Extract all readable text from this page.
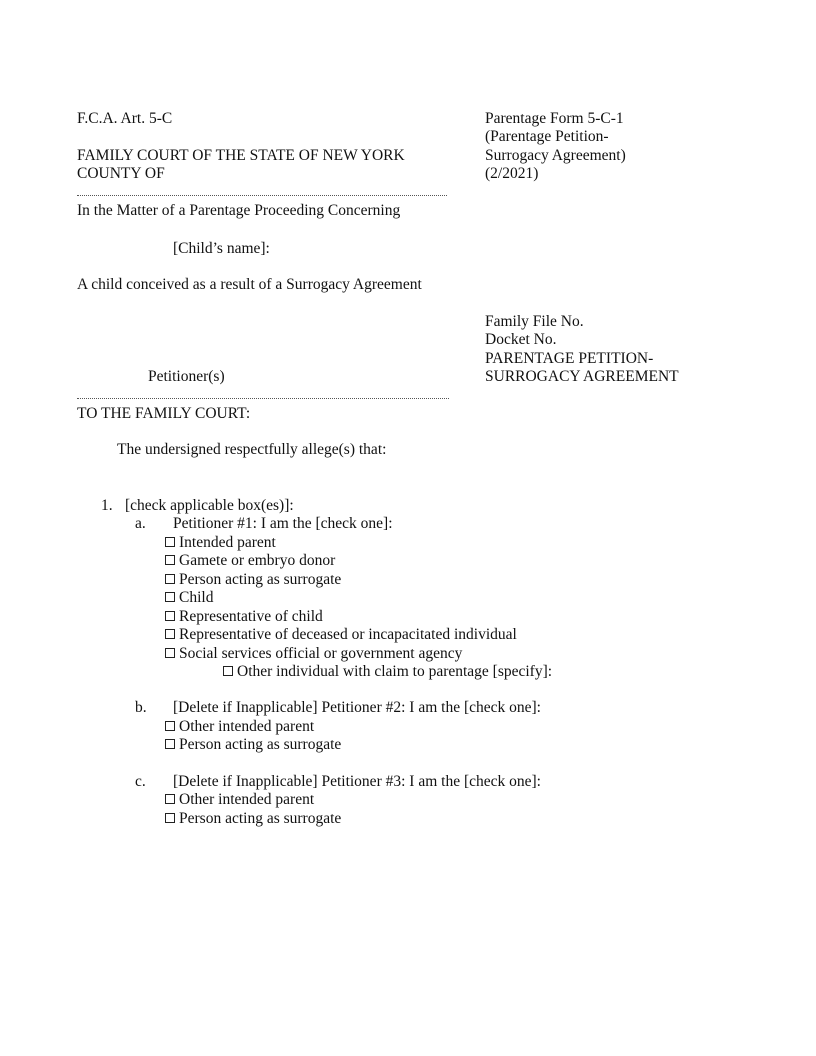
F.C.A. Art. 5-C
FAMILY COURT OF THE STATE OF NEW YORK
COUNTY OF
Parentage Form 5-C-1
(Parentage Petition-
Surrogacy Agreement)
(2/2021)
In the Matter of a Parentage Proceeding Concerning
[Child’s name]:
A child conceived as a result of a Surrogacy Agreement
Petitioner(s)
Family File No.
Docket No.
PARENTAGE PETITION-
SURROGACY AGREEMENT
TO THE FAMILY COURT:
The undersigned respectfully allege(s) that:
1. [check applicable box(es)]:
a. Petitioner #1: I am the [check one]:
Intended parent
Gamete or embryo donor
Person acting as surrogate
Child
Representative of child
Representative of deceased or incapacitated individual
Social services official or government agency
Other individual with claim to parentage [specify]:
b. [Delete if Inapplicable] Petitioner #2: I am the [check one]:
Other intended parent
Person acting as surrogate
c. [Delete if Inapplicable] Petitioner #3: I am the [check one]:
Other intended parent
Person acting as surrogate
